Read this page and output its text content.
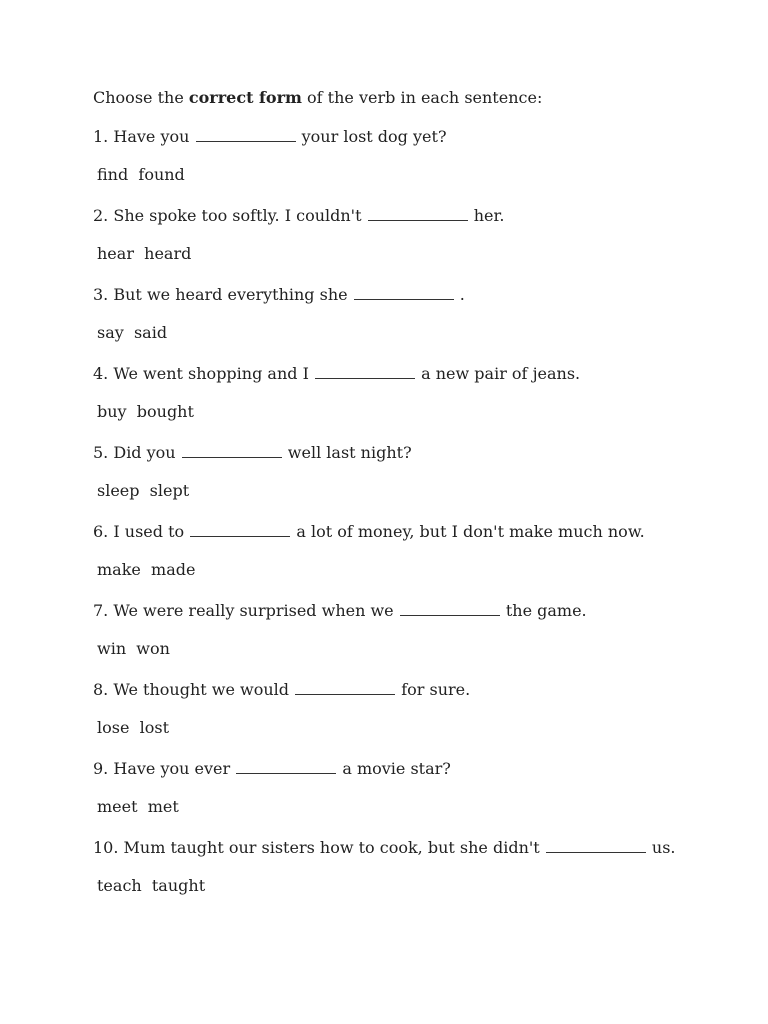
Choose the correct form of the verb in each sentence:
1. Have you	your lost dog yet?
find  found
2. She spoke too softly. I couldn't	her.
hear  heard
3. But we heard everything she	.
say  said
4. We went shopping and I	a new pair of jeans.
buy  bought
5. Did you	well last night?
sleep  slept
6. I used to	a lot of money, but I don't make much now.
make  made
7. We were really surprised when we	the game.
win  won
8. We thought we would	for sure.
lose  lost
9. Have you ever	a movie star?
meet  met
10. Mum taught our sisters how to cook, but she didn't	us.
teach  taught
